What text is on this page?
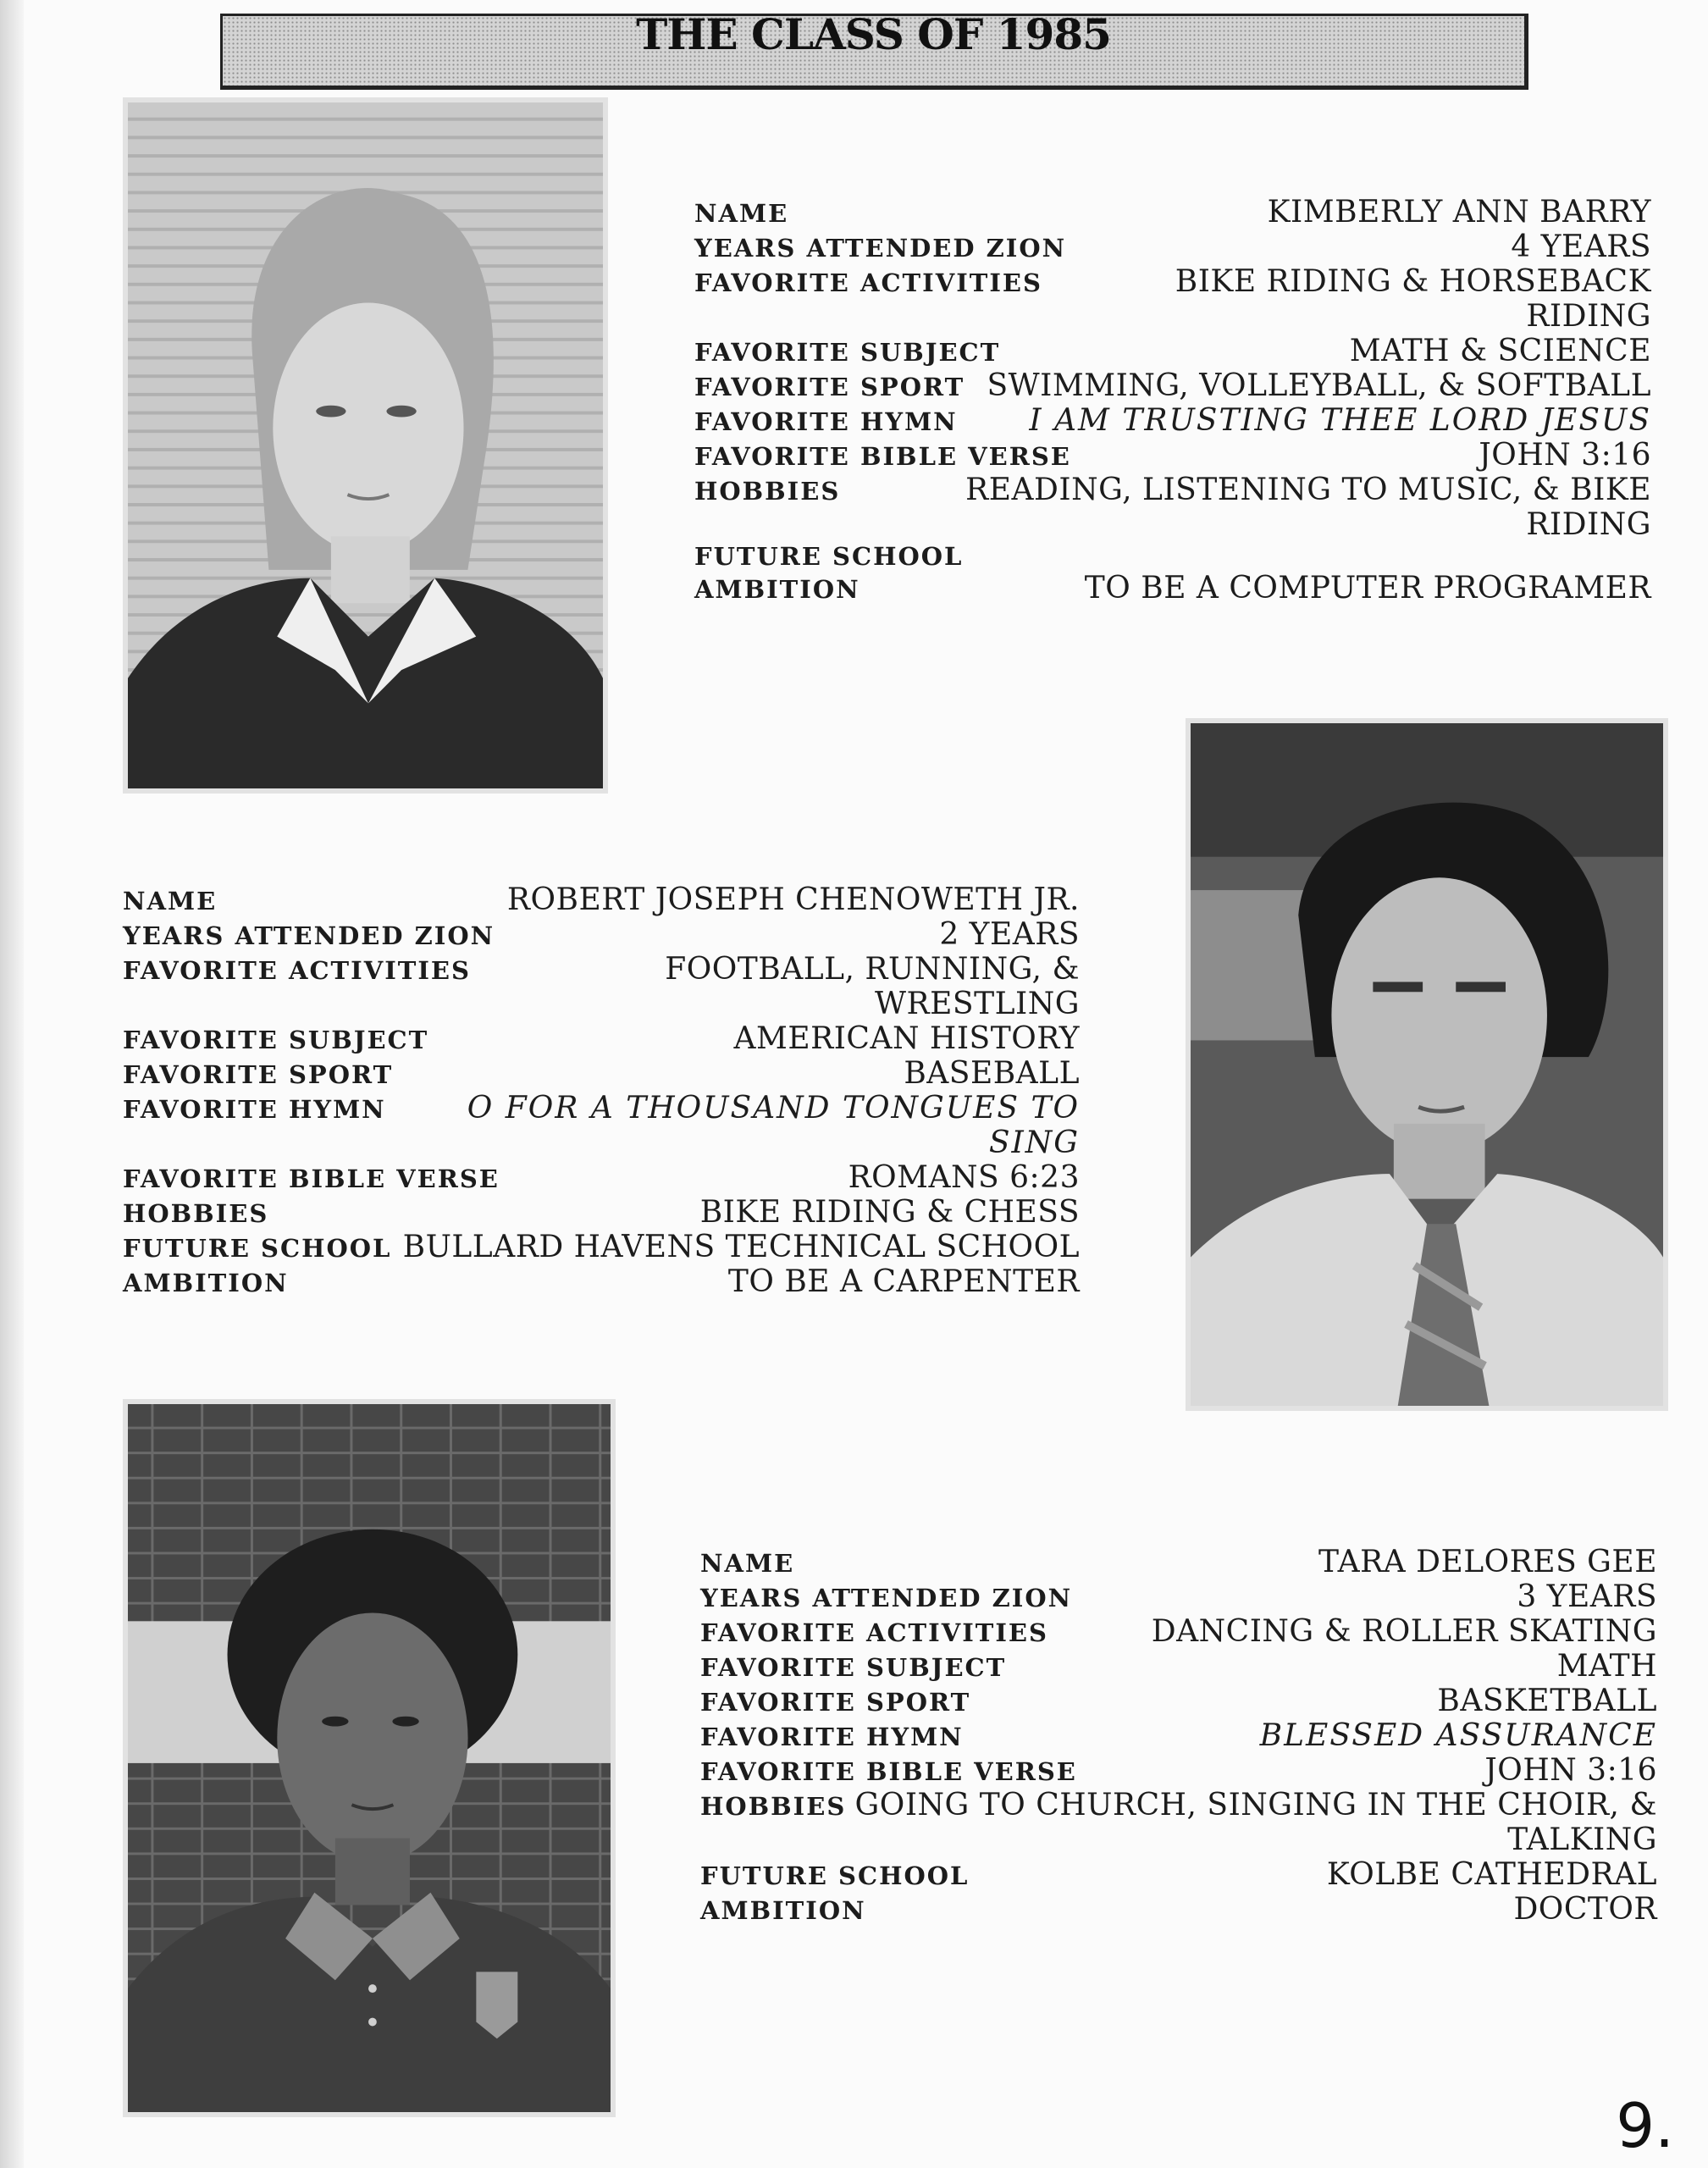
THE CLASS OF 1985
NAME	KIMBERLY ANN BARRY
YEARS ATTENDED ZION	4 YEARS
FAVORITE ACTIVITIES	BIKE RIDING & HORSEBACK RIDING
FAVORITE SUBJECT	MATH & SCIENCE
FAVORITE SPORT SWIMMING, VOLLEYBALL, & SOFTBALL
FAVORITE HYMN I AM TRUSTING THEE LORD JESUS
FAVORITE BIBLE VERSE	JOHN 3:16
HOBBIES	READING, LISTENING TO MUSIC, & BIKE RIDING
FUTURE SCHOOL
AMBITION	TO BE A COMPUTER PROGRAMER
NAME	ROBERT JOSEPH CHENOWETH JR.
YEARS ATTENDED ZION	2 YEARS
FAVORITE ACTIVITIES	FOOTBALL, RUNNING, & WRESTLING
FAVORITE SUBJECT	AMERICAN HISTORY
FAVORITE SPORT	BASEBALL
FAVORITE HYMN	O FOR A THOUSAND TONGUES TO SING
FAVORITE BIBLE VERSE	ROMANS 6:23
HOBBIES	BIKE RIDING & CHESS
FUTURE SCHOOL BULLARD HAVENS TECHNICAL SCHOOL
AMBITION	TO BE A CARPENTER
NAME	TARA DELORES GEE
YEARS ATTENDED ZION	3 YEARS
FAVORITE ACTIVITIES	DANCING & ROLLER SKATING
FAVORITE SUBJECT	MATH
FAVORITE SPORT	BASKETBALL
FAVORITE HYMN	BLESSED ASSURANCE
FAVORITE BIBLE VERSE	JOHN 3:16
HOBBIES GOING TO CHURCH, SINGING IN THE CHOIR, & TALKING
FUTURE SCHOOL	KOLBE CATHEDRAL
AMBITION	DOCTOR
9.
